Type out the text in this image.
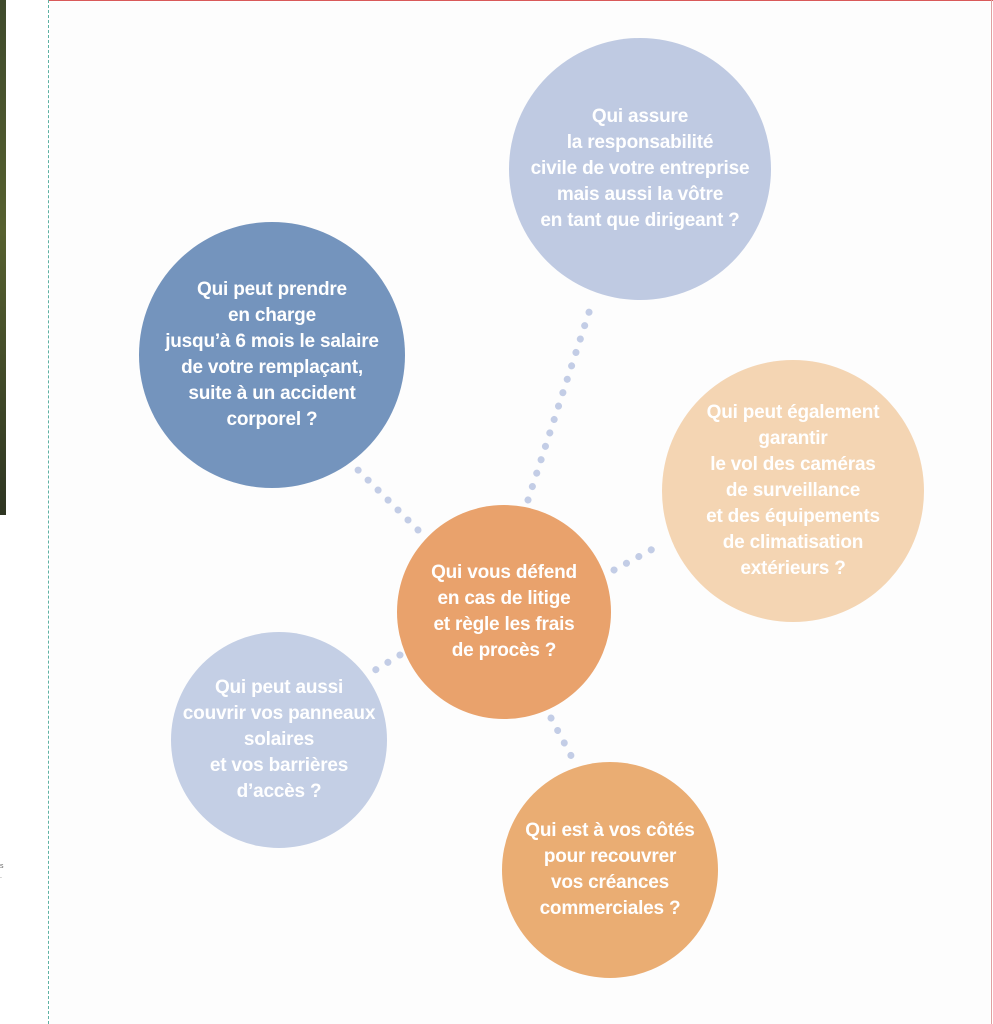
s
.
Qui assure
la responsabilité
civile de votre entreprise
mais aussi la vôtre
en tant que dirigeant ?
Qui peut prendre
en charge
jusqu’à 6 mois le salaire
de votre remplaçant,
suite à un accident
corporel ?	Qui peut également
garantir
le vol des caméras
de surveillance
et des équipements
de climatisation
extérieurs ?
Qui vous défend
en cas de litige
et règle les frais
de procès ?
Qui peut aussi
couvrir vos panneaux
solaires
et vos barrières
d’accès ?
Qui est à vos côtés
pour recouvrer
vos créances
commerciales ?
